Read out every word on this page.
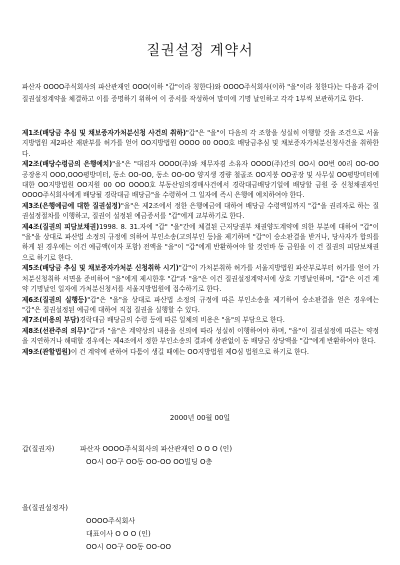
질권설정 계약서
파산자 OOOO주식회사의 파산관재인 OOO(이하 "갑"이라 칭한다)와 OOOO주식회사(이하 "을"이라 칭한다)는 다음과 같이 질권설정계약을 체결하고 이를 증명하기 위하여 이 증서를 작성하여 말미에 기명 날인하고 각각 1부씩 보관하기로 한다.

제1조(배당금 추심 및 채보증자가처분신청 사건의 취하)"갑"은 "을"이 다음의 각 조항을 성실히 이행할 것을 조건으로 서울지방법원 제2파산 재판부를 허가를 얻어 OO지방법원 OOOO 00 OOO호 배당금추심 및 채보증자가처분신청사건을 취하한다.

제2조(배당수령금의 은행예치)"을"은 "대검자 OOOO(주)와 채무자겸 소유자 OOOO(주)간의 OO시 OO번 00리 OO-OO 공장용지 OOO,OOO평방미터, 동소 OO-OO, 동소 OO-OO 양지생 경량 철골조 OO지붕 OO공장 및 사무실 OO평방미터에 대한 OO지방법원 OO지원 00 OO OOOO호 부동산임의경매사건에서 경락대금배당기일에 배당할 금원 중 신청채권자인 OOOO주식회사에게 배당될 경락대금 배당금"을 수령하여 그 일자에 즉시 은행에 예치하여야 한다.

제3조(은행예금에 대한 질권설정)"을"은 제2조에서 정한 은행예금에 대하여 배당금 수령액일까지 "갑"을 권리자로 하는 질권설정절차를 이행하고, 질권이 설정된 예금증서를 "갑"에게 교부하기로 한다.

제4조(질권의 피담보채권)1998. 8. 31.자에 "갑" "을"간에 체결된 근저당권부 채권양도계약에 의한 부분에 대하여 "갑"이 "을"을 상대로 파산법 소정의 규정에 의하여 부인소송(고의부인 등)을 제기하며 "갑"이 승소판결을 받거나, 당사자가 합의를 하게 된 경우에는 이건 예금액(이자 포함) 전액을 "을"이 "갑"에게 반환하여야 할 것인바 동 금원을 이 건 질권의 피담보채권으로 하기로 한다.

제5조(배당금 추심 및 채보증자가처분 신청취하 시기)"갑"이 가처분취하 허가를 서울지방법원 파산부로부터 허가를 얻어 가처분신청취하 서면을 준비하여 "을"에게 제시한후 "갑"과 "을"은 이건 질권설정계약서에 상호 기명날인하며, "갑"은 이건 계약 기명날인 일자에 가처분신청서를 서울지방법원에 접수하기로 한다.

제6조(질권의 실행등)"갑"은 "을"을 상대로 파산법 소정의 규정에 따른 부인소송을 제기하여 승소판결을 얻은 경우에는 "갑"은 질권설정된 예금에 대하여 직접 질권을 실행할 수 있다.

제7조(비용의 부담)경락대금 배당금의 수령 등에 따른 일체의 비용은 "을"의 부담으로 한다.

제8조(선관주의 의무)"갑"과 "을"은 계약상의 내용을 신의에 따라 성실히 이행하여야 하며, "을"이 질권설정에 따른는 약정을 지연하거나 해태할 경우에는 제4조에서 정한 부인소송의 결과에 상관없이 동 배당금 상당액을 "갑"에게 반환하여야 한다.

제9조(관할법원)이 건 계약에 관하여 다툼이 생길 때에는 OO지방법원 제O심 법원으로 하기로 한다.

2000년 00월 00일
갑(질권자)	파산자 OOOO주식회사의 파산관재인 O O O (인)
OO시 OO구 OO동 OO-OO OO빌딩 O층
을(질권설정자)
OOOO주식회사
대표이사 O O O (인)
OO시 OO구 OO동 OO-OO
